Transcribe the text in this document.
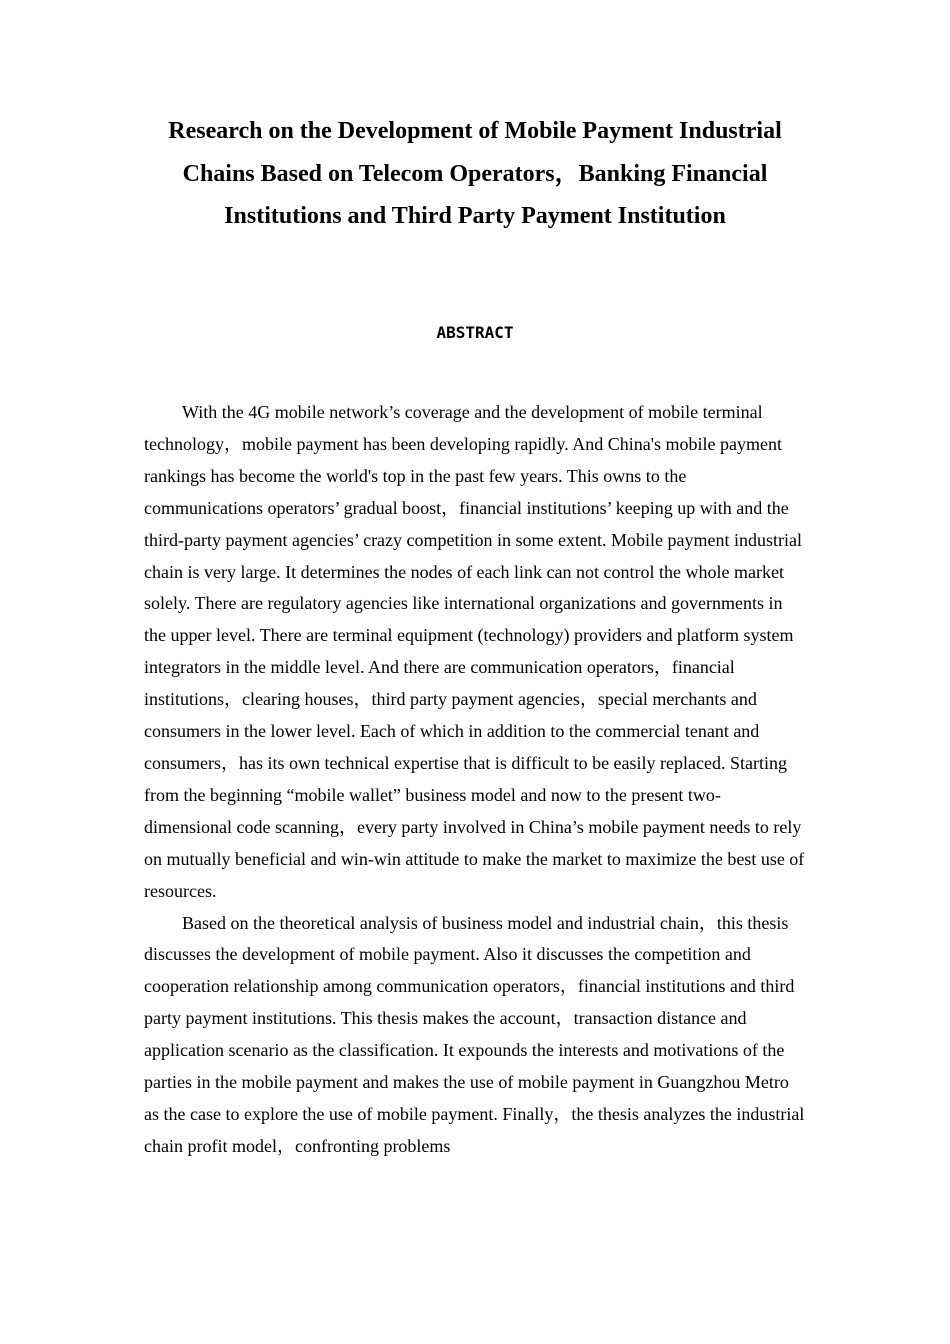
Research on the Development of Mobile Payment Industrial Chains Based on Telecom Operators，Banking Financial Institutions and Third Party Payment Institution
ABSTRACT

With the 4G mobile network’s coverage and the development of mobile terminal technology，mobile payment has been developing rapidly. And China's mobile payment rankings has become the world's top in the past few years. This owns to the communications operators’ gradual boost，financial institutions’ keeping up with and the third-party payment agencies’ crazy competition in some extent. Mobile payment industrial chain is very large. It determines the nodes of each link can not control the whole market solely. There are regulatory agencies like international organizations and governments in the upper level. There are terminal equipment (technology) providers and platform system integrators in the middle level. And there are communication operators，financial institutions，clearing houses，third party payment agencies，special merchants and consumers in the lower level. Each of which in addition to the commercial tenant and consumers，has its own technical expertise that is difficult to be easily replaced. Starting from the beginning “mobile wallet” business model and now to the present two-dimensional code scanning，every party involved in China’s mobile payment needs to rely on mutually beneficial and win-win attitude to make the market to maximize the best use of resources.

Based on the theoretical analysis of business model and industrial chain，this thesis discusses the development of mobile payment. Also it discusses the competition and cooperation relationship among communication operators，financial institutions and third party payment institutions. This thesis makes the account，transaction distance and application scenario as the classification. It expounds the interests and motivations of the parties in the mobile payment and makes the use of mobile payment in Guangzhou Metro as the case to explore the use of mobile payment. Finally，the thesis analyzes the industrial chain profit model，confronting problems
